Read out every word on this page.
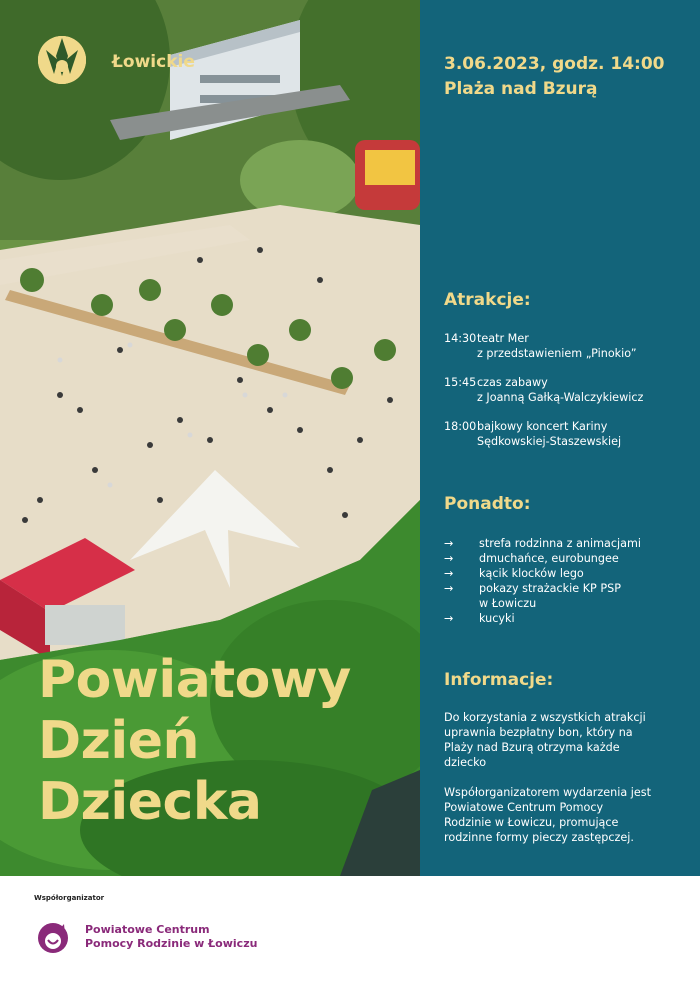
Łowickie
Powiatowy
Dzień
Dziecka
3.06.2023, godz. 14:00
Plaża nad Bzurą
Atrakcje:
14:30 teatr Mer
z przedstawieniem „Pinokio”
15:45 czas zabawy
z Joanną Gałką-Walczykiewicz
18:00 bajkowy koncert Kariny
Sędkowskiej-Staszewskiej
Ponadto:
→	strefa rodzinna z animacjami
→	dmuchańce, eurobungee
→	kącik klocków lego
→	pokazy strażackie KP PSP
w Łowiczu
→	kucyki
Informacje:

Do korzystania z wszystkich atrakcji
uprawnia bezpłatny bon, który na
Plaży nad Bzurą otrzyma każde
dziecko

Współorganizatorem wydarzenia jest
Powiatowe Centrum Pomocy
Rodzinie w Łowiczu, promujące
rodzinne formy pieczy zastępczej.

Współorganizator
Powiatowe Centrum
Pomocy Rodzinie w Łowiczu
